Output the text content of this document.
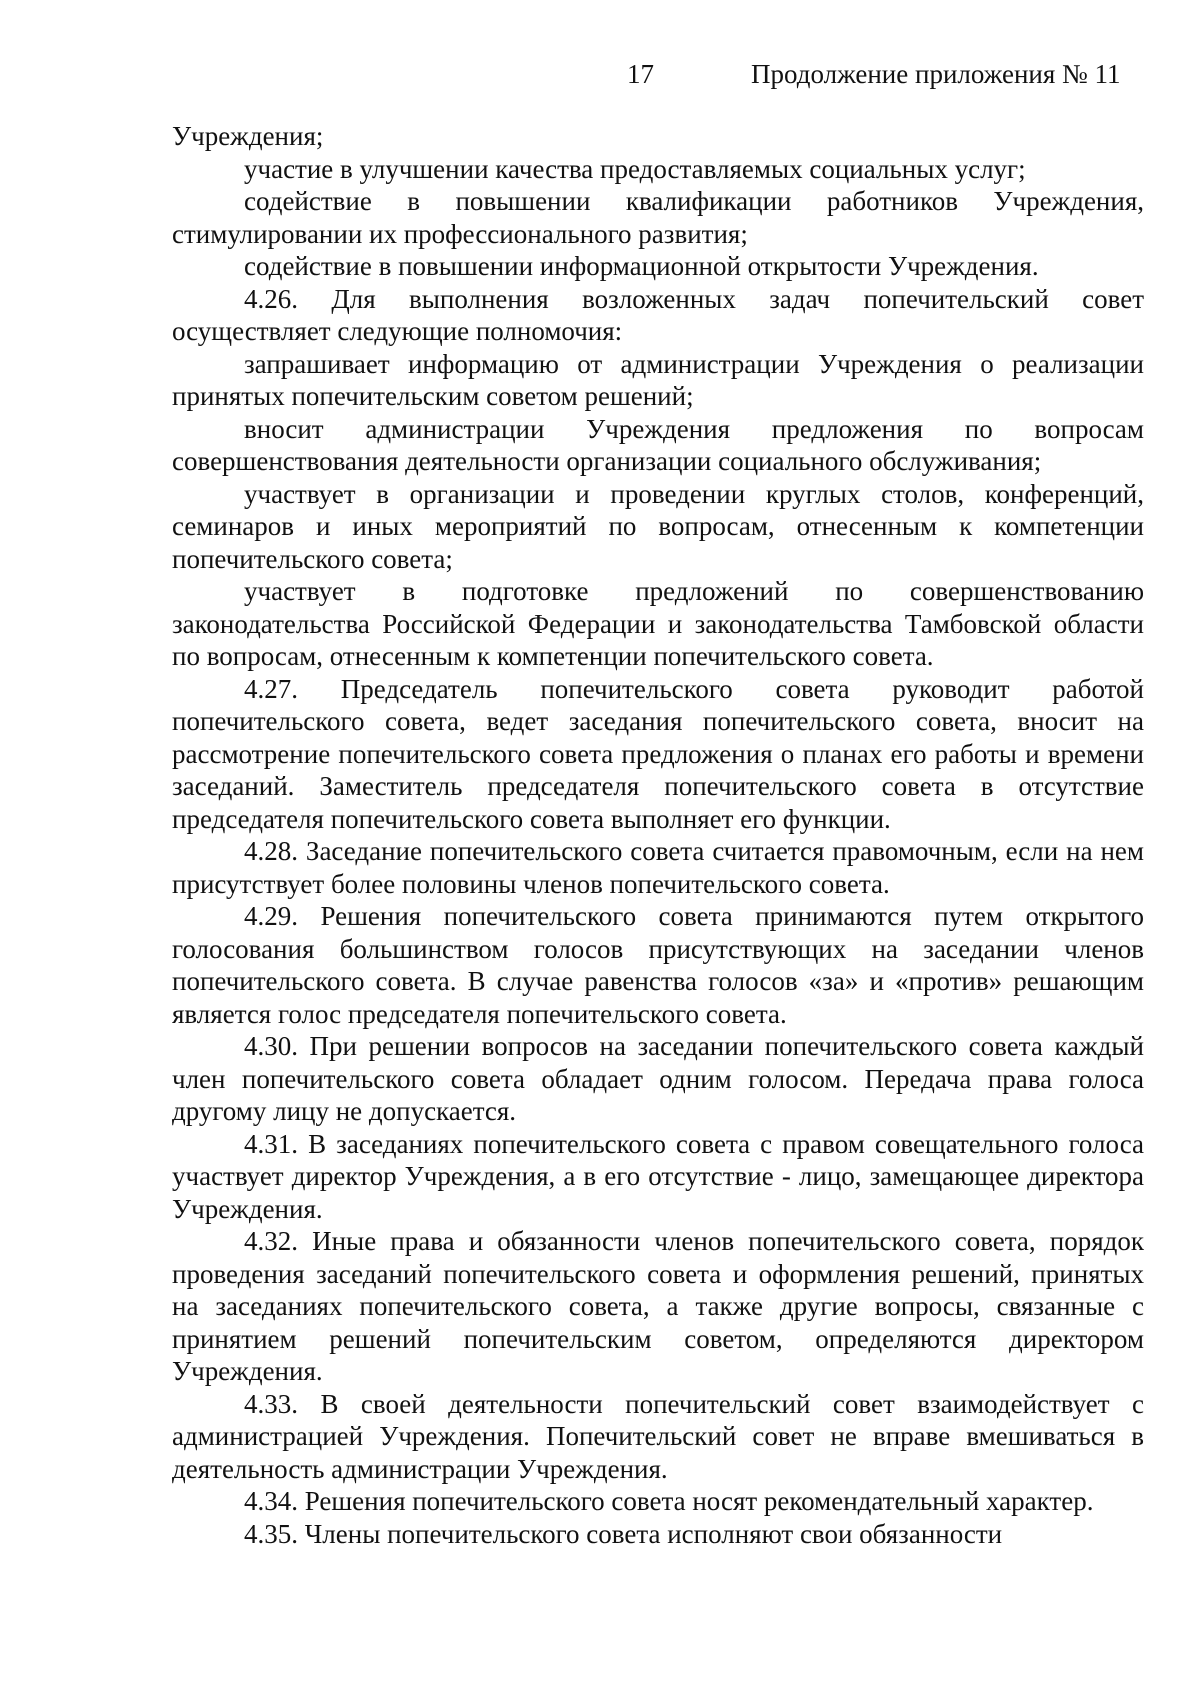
17	Продолжение приложения № 11

Учреждения;

участие в улучшении качества предоставляемых социальных услуг;

содействие в повышении квалификации работников Учреждения, стимулировании их профессионального развития;

содействие в повышении информационной открытости Учреждения.

4.26. Для выполнения возложенных задач попечительский совет осуществляет следующие полномочия:

запрашивает информацию от администрации Учреждения о реализации принятых попечительским советом решений;

вносит администрации Учреждения предложения по вопросам совершенствования деятельности организации социального обслуживания;

участвует в организации и проведении круглых столов, конференций, семинаров и иных мероприятий по вопросам, отнесенным к компетенции попечительского совета;

участвует в подготовке предложений по совершенствованию законодательства Российской Федерации и законодательства Тамбовской области по вопросам, отнесенным к компетенции попечительского совета.

4.27. Председатель попечительского совета руководит работой попечительского совета, ведет заседания попечительского совета, вносит на рассмотрение попечительского совета предложения о планах его работы и времени заседаний. Заместитель председателя попечительского совета в отсутствие председателя попечительского совета выполняет его функции.

4.28. Заседание попечительского совета считается правомочным, если на нем присутствует более половины членов попечительского совета.

4.29. Решения попечительского совета принимаются путем открытого голосования большинством голосов присутствующих на заседании членов попечительского совета. В случае равенства голосов «за» и «против» решающим является голос председателя попечительского совета.

4.30. При решении вопросов на заседании попечительского совета каждый член попечительского совета обладает одним голосом. Передача права голоса другому лицу не допускается.

4.31. В заседаниях попечительского совета с правом совещательного голоса участвует директор Учреждения, а в его отсутствие - лицо, замещающее директора Учреждения.

4.32. Иные права и обязанности членов попечительского совета, порядок проведения заседаний попечительского совета и оформления решений, принятых на заседаниях попечительского совета, а также другие вопросы, связанные с принятием решений попечительским советом, определяются директором Учреждения.

4.33. В своей деятельности попечительский совет взаимодействует с администрацией Учреждения. Попечительский совет не вправе вмешиваться в деятельность администрации Учреждения.

4.34. Решения попечительского совета носят рекомендательный характер.

4.35. Члены попечительского совета исполняют свои обязанности
